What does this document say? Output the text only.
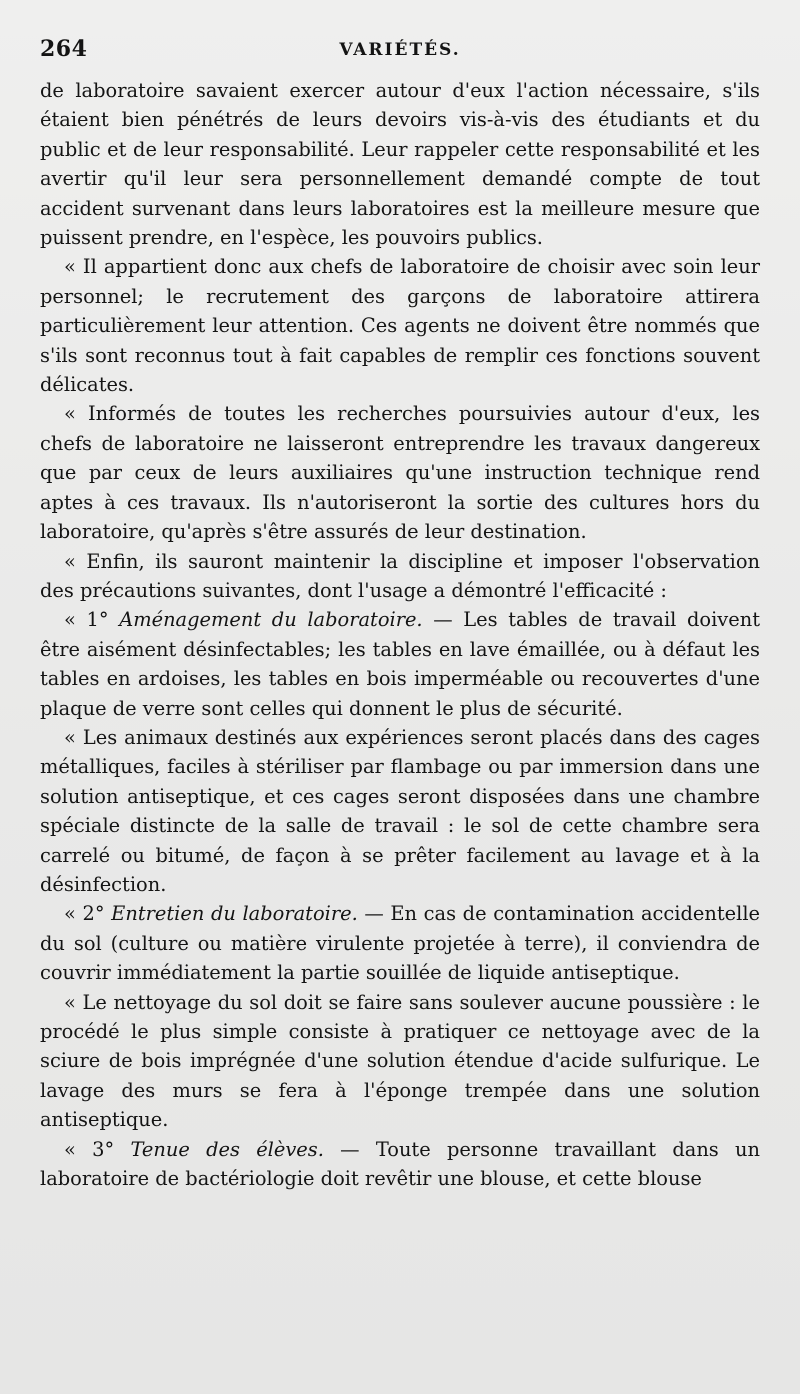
264	VARIÉTÉS.

de laboratoire savaient exercer autour d'eux l'action nécessaire, s'ils étaient bien pénétrés de leurs devoirs vis-à-vis des étudiants et du public et de leur responsabilité. Leur rappeler cette responsabilité et les avertir qu'il leur sera personnellement demandé compte de tout accident survenant dans leurs laboratoires est la meilleure mesure que puissent prendre, en l'espèce, les pouvoirs publics.

« Il appartient donc aux chefs de laboratoire de choisir avec soin leur personnel; le recrutement des garçons de laboratoire attirera particulièrement leur attention. Ces agents ne doivent être nommés que s'ils sont reconnus tout à fait capables de remplir ces fonctions souvent délicates.

« Informés de toutes les recherches poursuivies autour d'eux, les chefs de laboratoire ne laisseront entreprendre les travaux dangereux que par ceux de leurs auxiliaires qu'une instruction technique rend aptes à ces travaux. Ils n'autoriseront la sortie des cultures hors du laboratoire, qu'après s'être assurés de leur destination.

« Enfin, ils sauront maintenir la discipline et imposer l'observation des précautions suivantes, dont l'usage a démontré l'efficacité :

« 1° Aménagement du laboratoire. — Les tables de travail doivent être aisément désinfectables; les tables en lave émaillée, ou à défaut les tables en ardoises, les tables en bois imperméable ou recouvertes d'une plaque de verre sont celles qui donnent le plus de sécurité.

« Les animaux destinés aux expériences seront placés dans des cages métalliques, faciles à stériliser par flambage ou par immersion dans une solution antiseptique, et ces cages seront disposées dans une chambre spéciale distincte de la salle de travail : le sol de cette chambre sera carrelé ou bitumé, de façon à se prêter facilement au lavage et à la désinfection.

« 2° Entretien du laboratoire. — En cas de contamination accidentelle du sol (culture ou matière virulente projetée à terre), il conviendra de couvrir immédiatement la partie souillée de liquide antiseptique.

« Le nettoyage du sol doit se faire sans soulever aucune poussière : le procédé le plus simple consiste à pratiquer ce nettoyage avec de la sciure de bois imprégnée d'une solution étendue d'acide sulfurique. Le lavage des murs se fera à l'éponge trempée dans une solution antiseptique.

« 3° Tenue des élèves. — Toute personne travaillant dans un laboratoire de bactériologie doit revêtir une blouse, et cette blouse
